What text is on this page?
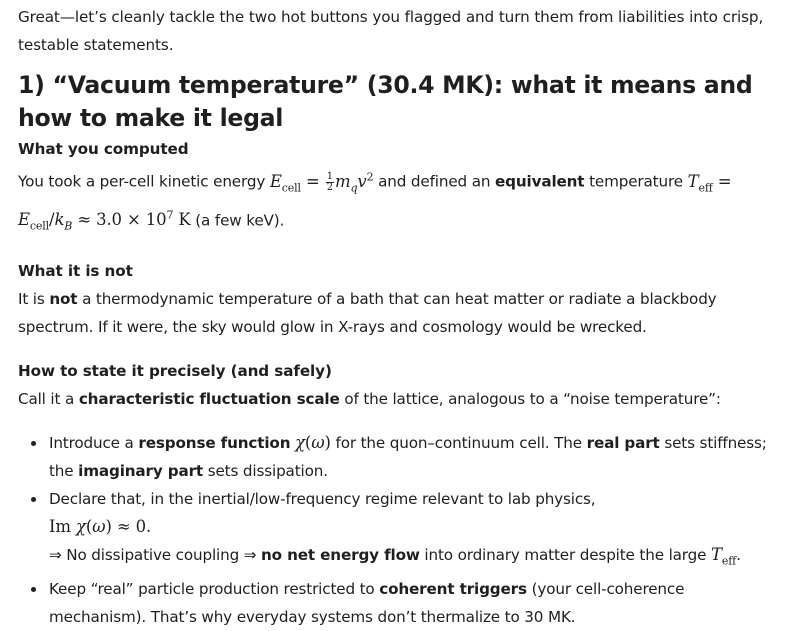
Great—let’s cleanly tackle the two hot buttons you flagged and turn them from liabilities into crisp, testable statements.

1) “Vacuum temperature” (30.4 MK): what it means and how to make it legal
What you computed

You took a per-cell kinetic energy $E_{cell} = \frac{1}{2} m_qv^2$ and defined an equivalent temperature $T_{eff} = E_{cell}/k_B \approx 3.0 \times 10^7$ K (a few keV).

What it is not

It is not a thermodynamic temperature of a bath that can heat matter or radiate a blackbody spectrum. If it were, the sky would glow in X-rays and cosmology would be wrecked.

How to state it precisely (and safely)

Call it a characteristic fluctuation scale of the lattice, analogous to a “noise temperature”:

Introduce a response function χ(ω) for the quon–continuum cell. The real part sets stiffness; the imaginary part sets dissipation.
Declare that, in the inertial/low-frequency regime relevant to lab physics,
Im χ(ω) ≈ 0.
⇒ No dissipative coupling ⇒ no net energy flow into ordinary matter despite the large $T_{eff}$.
Keep “real” particle production restricted to coherent triggers (your cell-coherence mechanism). That’s why everyday systems don’t thermalize to 30 MK.
